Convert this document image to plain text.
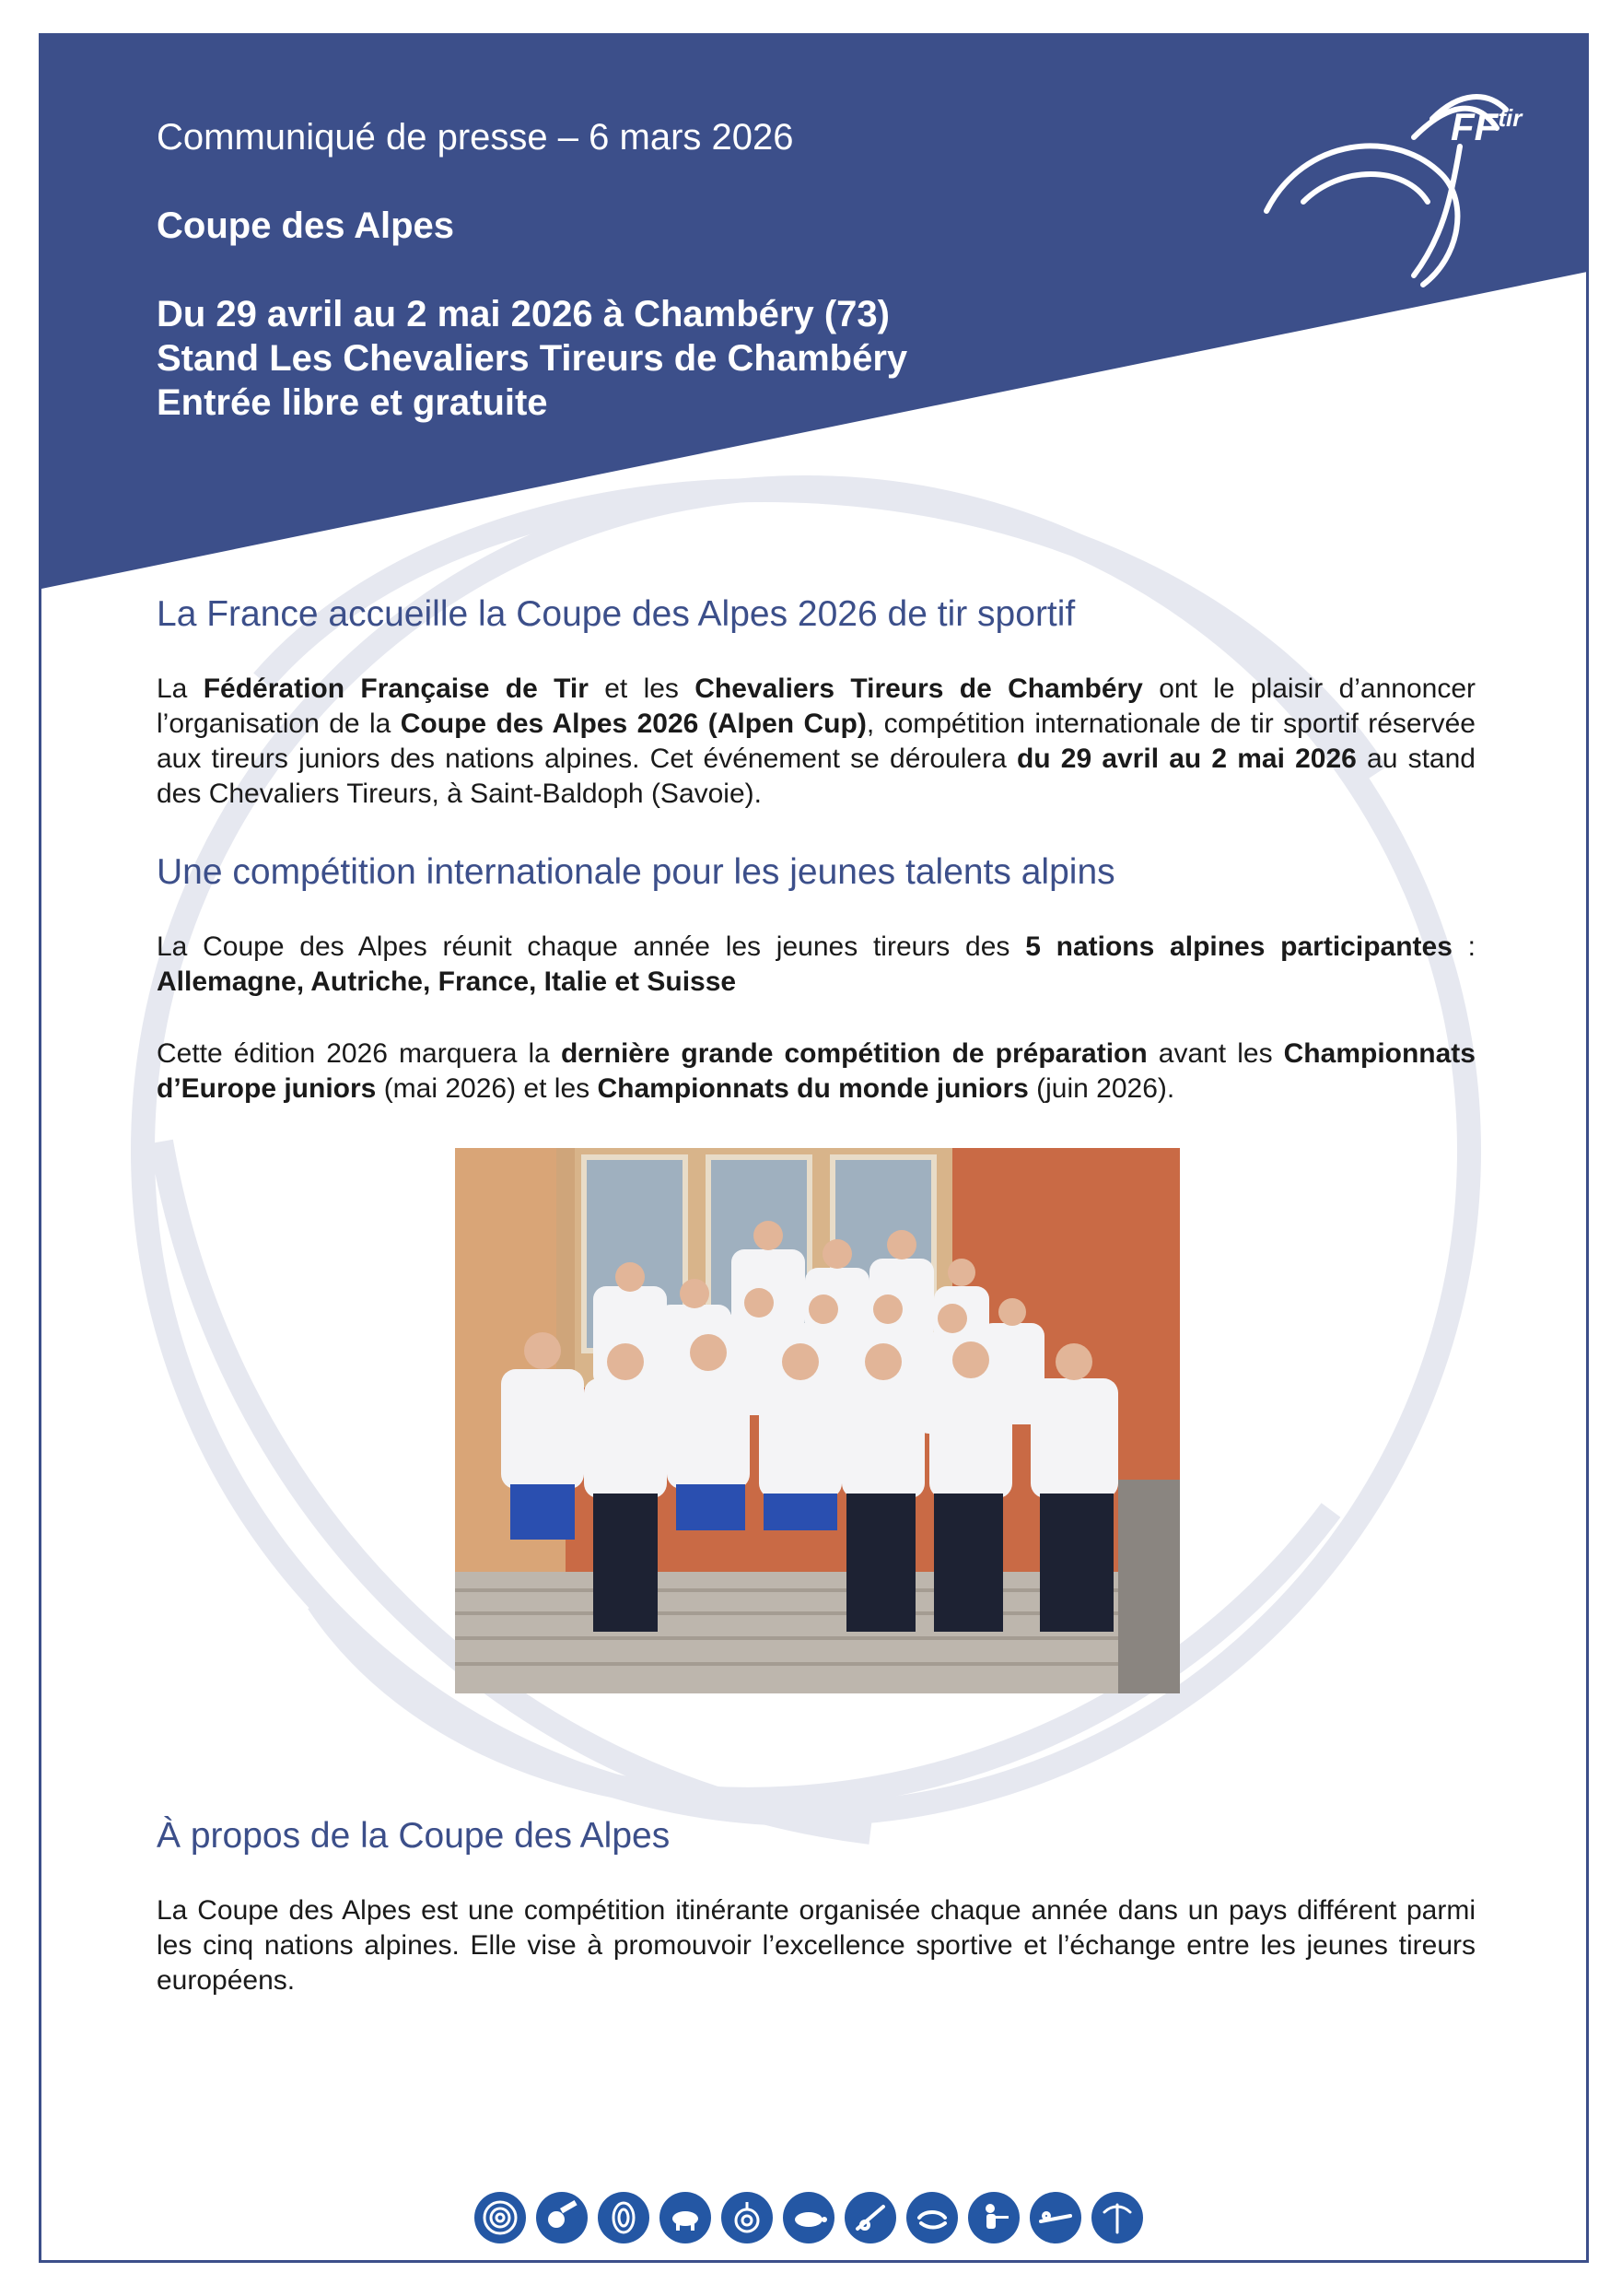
Communiqué de presse – 6 mars 2026
Coupe des Alpes
Du 29 avril au 2 mai 2026 à Chambéry (73)
Stand Les Chevaliers Tireurs de Chambéry
Entrée libre et gratuite
$FF^{tir}$
La France accueille la Coupe des Alpes 2026 de tir sportif

La Fédération Française de Tir et les Chevaliers Tireurs de Chambéry ont le plaisir d’annoncer l’organisation de la Coupe des Alpes 2026 (Alpen Cup), compétition internationale de tir sportif réservée aux tireurs juniors des nations alpines. Cet événement se déroulera du 29 avril au 2 mai 2026 au stand des Chevaliers Tireurs, à Saint-Baldoph (Savoie).

Une compétition internationale pour les jeunes talents alpins

La Coupe des Alpes réunit chaque année les jeunes tireurs des 5 nations alpines participantes : Allemagne, Autriche, France, Italie et Suisse

Cette édition 2026 marquera la dernière grande compétition de préparation avant les Championnats d’Europe juniors (mai 2026) et les Championnats du monde juniors (juin 2026).

À propos de la Coupe des Alpes

La Coupe des Alpes est une compétition itinérante organisée chaque année dans un pays différent parmi les cinq nations alpines. Elle vise à promouvoir l’excellence sportive et l’échange entre les jeunes tireurs européens.
